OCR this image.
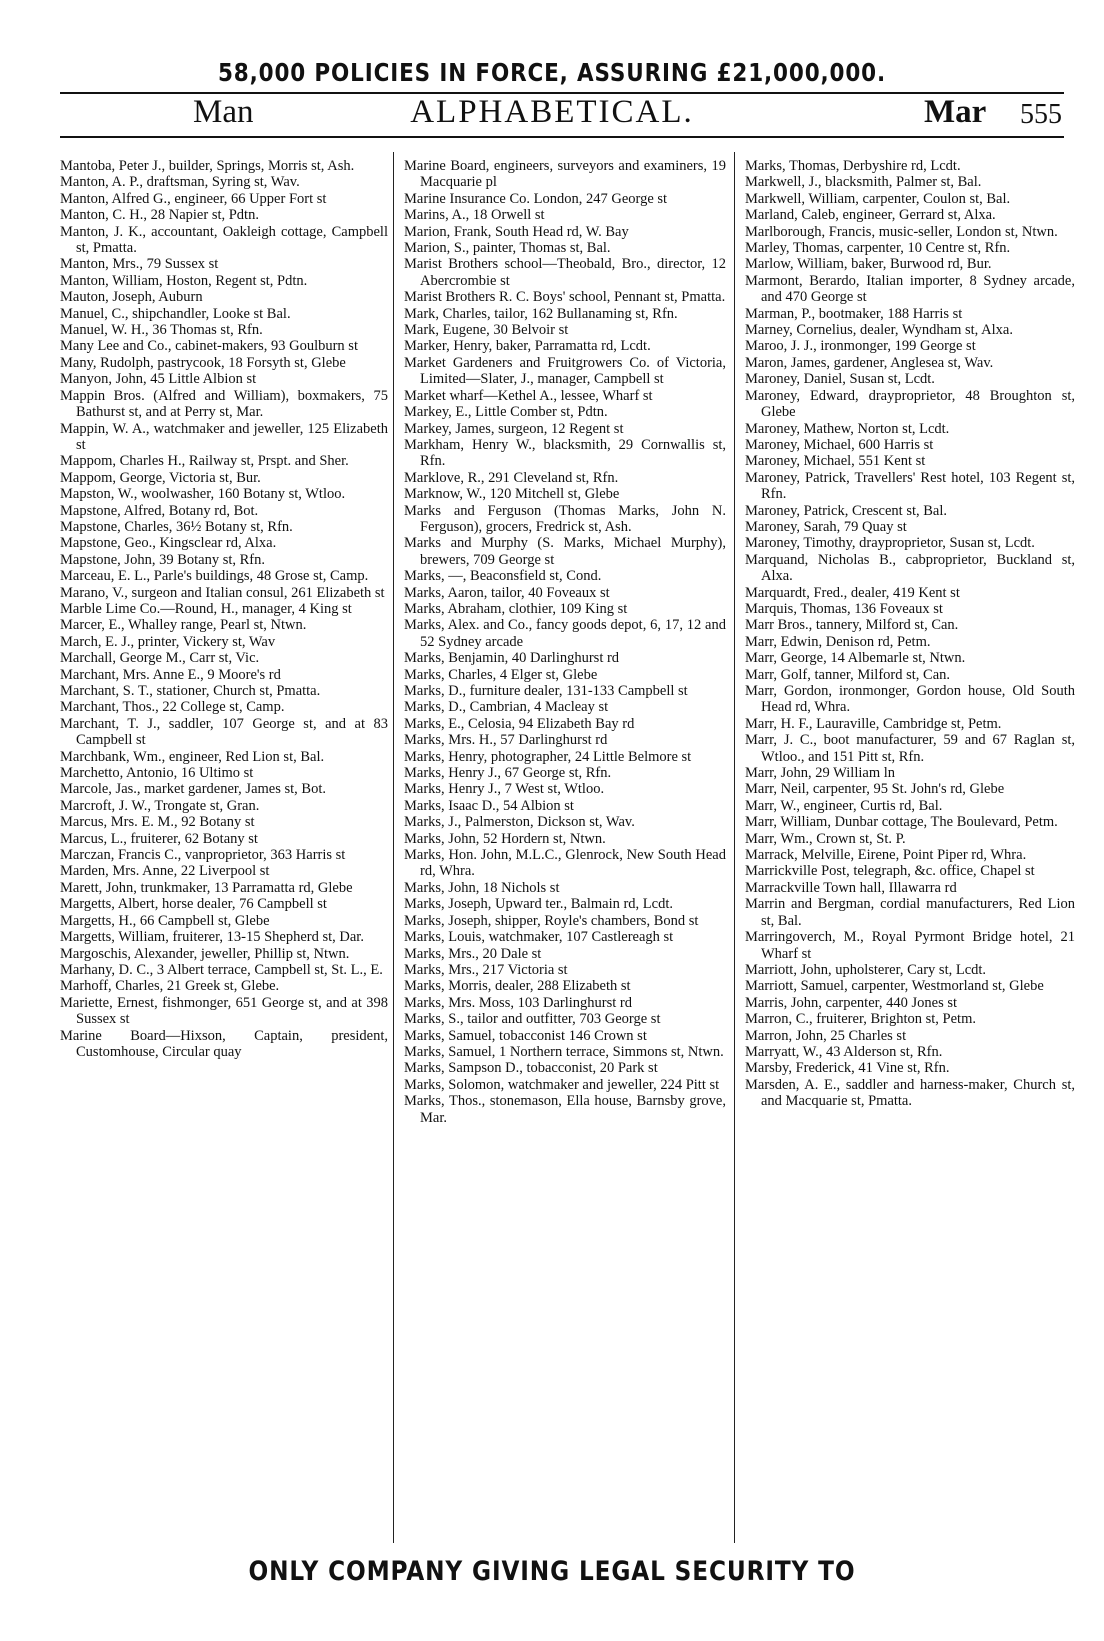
58,000 POLICIES IN FORCE, ASSURING £21,000,000.
Man	ALPHABETICAL.	Mar 555

Mantoba, Peter J., builder, Springs, Morris st, Ash.

Manton, A. P., draftsman, Syring st, Wav.

Manton, Alfred G., engineer, 66 Upper Fort st

Manton, C. H., 28 Napier st, Pdtn.

Manton, J. K., accountant, Oakleigh cottage, Campbell st, Pmatta.

Manton, Mrs., 79 Sussex st

Manton, William, Hoston, Regent st, Pdtn.

Mauton, Joseph, Auburn

Manuel, C., shipchandler, Looke st Bal.

Manuel, W. H., 36 Thomas st, Rfn.

Many Lee and Co., cabinet-makers, 93 Goulburn st

Many, Rudolph, pastrycook, 18 Forsyth st, Glebe

Manyon, John, 45 Little Albion st

Mappin Bros. (Alfred and William), boxmakers, 75 Bathurst st, and at Perry st, Mar.

Mappin, W. A., watchmaker and jeweller, 125 Elizabeth st

Mappom, Charles H., Railway st, Prspt. and Sher.

Mappom, George, Victoria st, Bur.

Mapston, W., woolwasher, 160 Botany st, Wtloo.

Mapstone, Alfred, Botany rd, Bot.

Mapstone, Charles, 36½ Botany st, Rfn.

Mapstone, Geo., Kingsclear rd, Alxa.

Mapstone, John, 39 Botany st, Rfn.

Marceau, E. L., Parle's buildings, 48 Grose st, Camp.

Marano, V., surgeon and Italian consul, 261 Elizabeth st

Marble Lime Co.—Round, H., manager, 4 King st

Marcer, E., Whalley range, Pearl st, Ntwn.

March, E. J., printer, Vickery st, Wav

Marchall, George M., Carr st, Vic.

Marchant, Mrs. Anne E., 9 Moore's rd

Marchant, S. T., stationer, Church st, Pmatta.

Marchant, Thos., 22 College st, Camp.

Marchant, T. J., saddler, 107 George st, and at 83 Campbell st

Marchbank, Wm., engineer, Red Lion st, Bal.

Marchetto, Antonio, 16 Ultimo st

Marcole, Jas., market gardener, James st, Bot.

Marcroft, J. W., Trongate st, Gran.

Marcus, Mrs. E. M., 92 Botany st

Marcus, L., fruiterer, 62 Botany st

Marczan, Francis C., vanproprietor, 363 Harris st

Marden, Mrs. Anne, 22 Liverpool st

Marett, John, trunkmaker, 13 Parramatta rd, Glebe

Margetts, Albert, horse dealer, 76 Campbell st

Margetts, H., 66 Campbell st, Glebe

Margetts, William, fruiterer, 13-15 Shepherd st, Dar.

Margoschis, Alexander, jeweller, Phillip st, Ntwn.

Marhany, D. C., 3 Albert terrace, Campbell st, St. L., E.

Marhoff, Charles, 21 Greek st, Glebe.

Mariette, Ernest, fishmonger, 651 George st, and at 398 Sussex st

Marine Board—Hixson, Captain, president, Customhouse, Circular quay

Marine Board, engineers, surveyors and examiners, 19 Macquarie pl

Marine Insurance Co. London, 247 George st

Marins, A., 18 Orwell st

Marion, Frank, South Head rd, W. Bay

Marion, S., painter, Thomas st, Bal.

Marist Brothers school—Theobald, Bro., director, 12 Abercrombie st

Marist Brothers R. C. Boys' school, Pennant st, Pmatta.

Mark, Charles, tailor, 162 Bullanaming st, Rfn.

Mark, Eugene, 30 Belvoir st

Marker, Henry, baker, Parramatta rd, Lcdt.

Market Gardeners and Fruitgrowers Co. of Victoria, Limited—Slater, J., manager, Campbell st

Market wharf—Kethel A., lessee, Wharf st

Markey, E., Little Comber st, Pdtn.

Markey, James, surgeon, 12 Regent st

Markham, Henry W., blacksmith, 29 Cornwallis st, Rfn.

Marklove, R., 291 Cleveland st, Rfn.

Marknow, W., 120 Mitchell st, Glebe

Marks and Ferguson (Thomas Marks, John N. Ferguson), grocers, Fredrick st, Ash.

Marks and Murphy (S. Marks, Michael Murphy), brewers, 709 George st

Marks, —, Beaconsfield st, Cond.

Marks, Aaron, tailor, 40 Foveaux st

Marks, Abraham, clothier, 109 King st

Marks, Alex. and Co., fancy goods depot, 6, 17, 12 and 52 Sydney arcade

Marks, Benjamin, 40 Darlinghurst rd

Marks, Charles, 4 Elger st, Glebe

Marks, D., furniture dealer, 131-133 Campbell st

Marks, D., Cambrian, 4 Macleay st

Marks, E., Celosia, 94 Elizabeth Bay rd

Marks, Mrs. H., 57 Darlinghurst rd

Marks, Henry, photographer, 24 Little Belmore st

Marks, Henry J., 67 George st, Rfn.

Marks, Henry J., 7 West st, Wtloo.

Marks, Isaac D., 54 Albion st

Marks, J., Palmerston, Dickson st, Wav.

Marks, John, 52 Hordern st, Ntwn.

Marks, Hon. John, M.L.C., Glenrock, New South Head rd, Whra.

Marks, John, 18 Nichols st

Marks, Joseph, Upward ter., Balmain rd, Lcdt.

Marks, Joseph, shipper, Royle's chambers, Bond st

Marks, Louis, watchmaker, 107 Castlereagh st

Marks, Mrs., 20 Dale st

Marks, Mrs., 217 Victoria st

Marks, Morris, dealer, 288 Elizabeth st

Marks, Mrs. Moss, 103 Darlinghurst rd

Marks, S., tailor and outfitter, 703 George st

Marks, Samuel, tobacconist 146 Crown st

Marks, Samuel, 1 Northern terrace, Simmons st, Ntwn.

Marks, Sampson D., tobacconist, 20 Park st

Marks, Solomon, watchmaker and jeweller, 224 Pitt st

Marks, Thos., stonemason, Ella house, Barnsby grove, Mar.

Marks, Thomas, Derbyshire rd, Lcdt.

Markwell, J., blacksmith, Palmer st, Bal.

Markwell, William, carpenter, Coulon st, Bal.

Marland, Caleb, engineer, Gerrard st, Alxa.

Marlborough, Francis, music-seller, London st, Ntwn.

Marley, Thomas, carpenter, 10 Centre st, Rfn.

Marlow, William, baker, Burwood rd, Bur.

Marmont, Berardo, Italian importer, 8 Sydney arcade, and 470 George st

Marman, P., bootmaker, 188 Harris st

Marney, Cornelius, dealer, Wyndham st, Alxa.

Maroo, J. J., ironmonger, 199 George st

Maron, James, gardener, Anglesea st, Wav.

Maroney, Daniel, Susan st, Lcdt.

Maroney, Edward, drayproprietor, 48 Broughton st, Glebe

Maroney, Mathew, Norton st, Lcdt.

Maroney, Michael, 600 Harris st

Maroney, Michael, 551 Kent st

Maroney, Patrick, Travellers' Rest hotel, 103 Regent st, Rfn.

Maroney, Patrick, Crescent st, Bal.

Maroney, Sarah, 79 Quay st

Maroney, Timothy, drayproprietor, Susan st, Lcdt.

Marquand, Nicholas B., cabproprietor, Buckland st, Alxa.

Marquardt, Fred., dealer, 419 Kent st

Marquis, Thomas, 136 Foveaux st

Marr Bros., tannery, Milford st, Can.

Marr, Edwin, Denison rd, Petm.

Marr, George, 14 Albemarle st, Ntwn.

Marr, Golf, tanner, Milford st, Can.

Marr, Gordon, ironmonger, Gordon house, Old South Head rd, Whra.

Marr, H. F., Lauraville, Cambridge st, Petm.

Marr, J. C., boot manufacturer, 59 and 67 Raglan st, Wtloo., and 151 Pitt st, Rfn.

Marr, John, 29 William ln

Marr, Neil, carpenter, 95 St. John's rd, Glebe

Marr, W., engineer, Curtis rd, Bal.

Marr, William, Dunbar cottage, The Boulevard, Petm.

Marr, Wm., Crown st, St. P.

Marrack, Melville, Eirene, Point Piper rd, Whra.

Marrickville Post, telegraph, &c. office, Chapel st

Marrackville Town hall, Illawarra rd

Marrin and Bergman, cordial manufacturers, Red Lion st, Bal.

Marringoverch, M., Royal Pyrmont Bridge hotel, 21 Wharf st

Marriott, John, upholsterer, Cary st, Lcdt.

Marriott, Samuel, carpenter, Westmorland st, Glebe

Marris, John, carpenter, 440 Jones st

Marron, C., fruiterer, Brighton st, Petm.

Marron, John, 25 Charles st

Marryatt, W., 43 Alderson st, Rfn.

Marsby, Frederick, 41 Vine st, Rfn.

Marsden, A. E., saddler and harness-maker, Church st, and Macquarie st, Pmatta.

ONLY COMPANY GIVING LEGAL SECURITY TO
